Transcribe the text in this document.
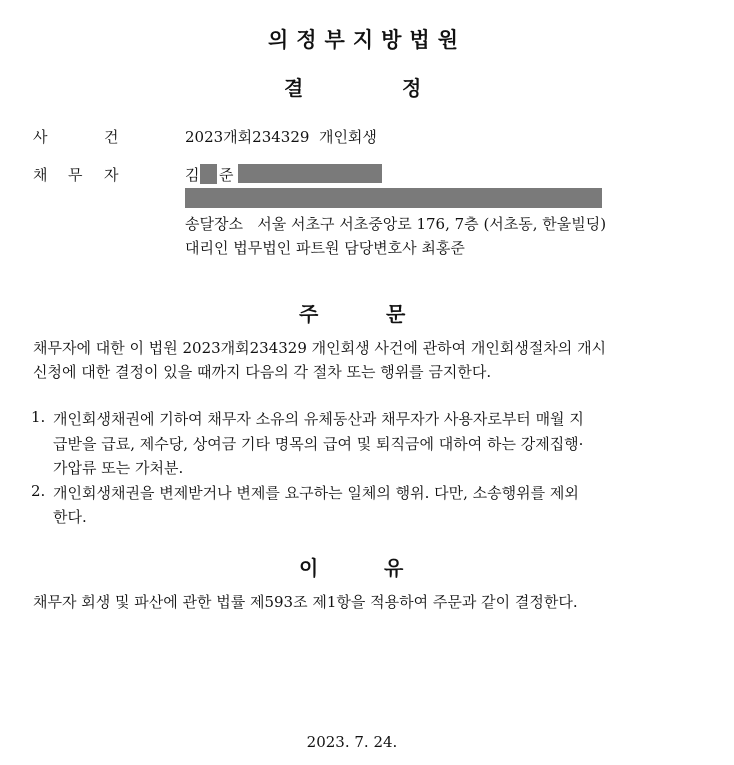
의정부지방법원
결	정
사	건	2023개회234329  개인회생
채 무 자	김 준
송달장소   서울 서초구 서초중앙로 176, 7층 (서초동, 한울빌딩)
대리인 법무법인 파트원 담당변호사 최홍준
주	문
채무자에 대한 이 법원 2023개회234329 개인회생 사건에 관하여 개인회생절차의 개시
신청에 대한 결정이 있을 때까지 다음의 각 절차 또는 행위를 금지한다.
1. 개인회생채권에 기하여 채무자 소유의 유체동산과 채무자가 사용자로부터 매월 지
급받을 급료, 제수당, 상여금 기타 명목의 급여 및 퇴직금에 대하여 하는 강제집행·
가압류 또는 가처분.
2. 개인회생채권을 변제받거나 변제를 요구하는 일체의 행위. 다만, 소송행위를 제외
한다.
이	유
채무자 회생 및 파산에 관한 법률 제593조 제1항을 적용하여 주문과 같이 결정한다.
2023. 7. 24.
